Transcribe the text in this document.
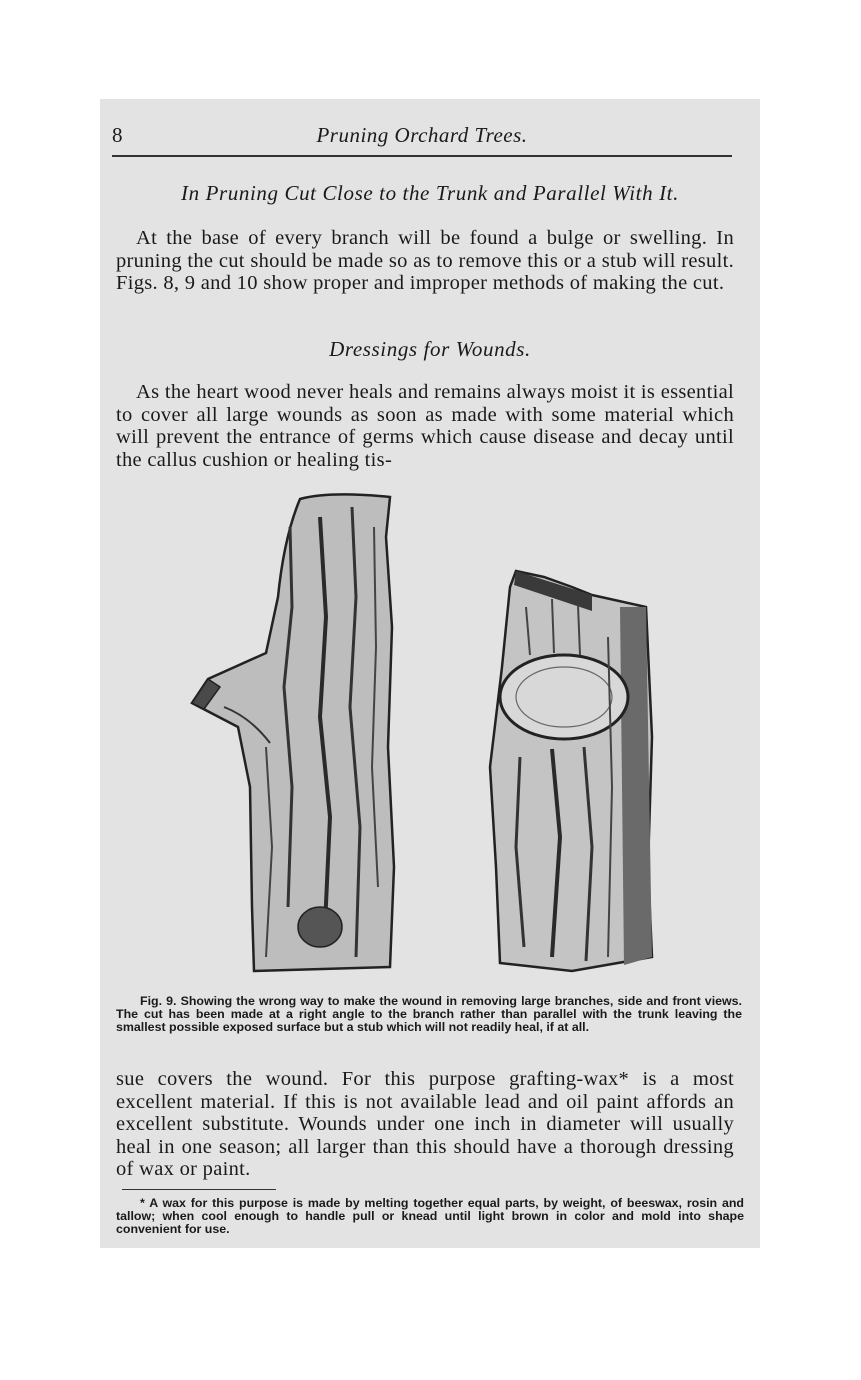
8	Pruning Orchard Trees.
In Pruning Cut Close to the Trunk and Parallel With It.

At the base of every branch will be found a bulge or swelling. In pruning the cut should be made so as to remove this or a stub will result. Figs. 8, 9 and 10 show proper and improper methods of making the cut.

Dressings for Wounds.

As the heart wood never heals and remains always moist it is essential to cover all large wounds as soon as made with some material which will prevent the entrance of germs which cause disease and decay until the callus cushion or healing tis-

Fig. 9. Showing the wrong way to make the wound in removing large branches, side and front views. The cut has been made at a right angle to the branch rather than parallel with the trunk leaving the smallest possible exposed surface but a stub which will not readily heal, if at all.

sue covers the wound. For this purpose grafting-wax* is a most excellent material. If this is not available lead and oil paint affords an excellent substitute. Wounds under one inch in diameter will usually heal in one season; all larger than this should have a thorough dressing of wax or paint.

* A wax for this purpose is made by melting together equal parts, by weight, of beeswax, rosin and tallow; when cool enough to handle pull or knead until light brown in color and mold into shape convenient for use.
